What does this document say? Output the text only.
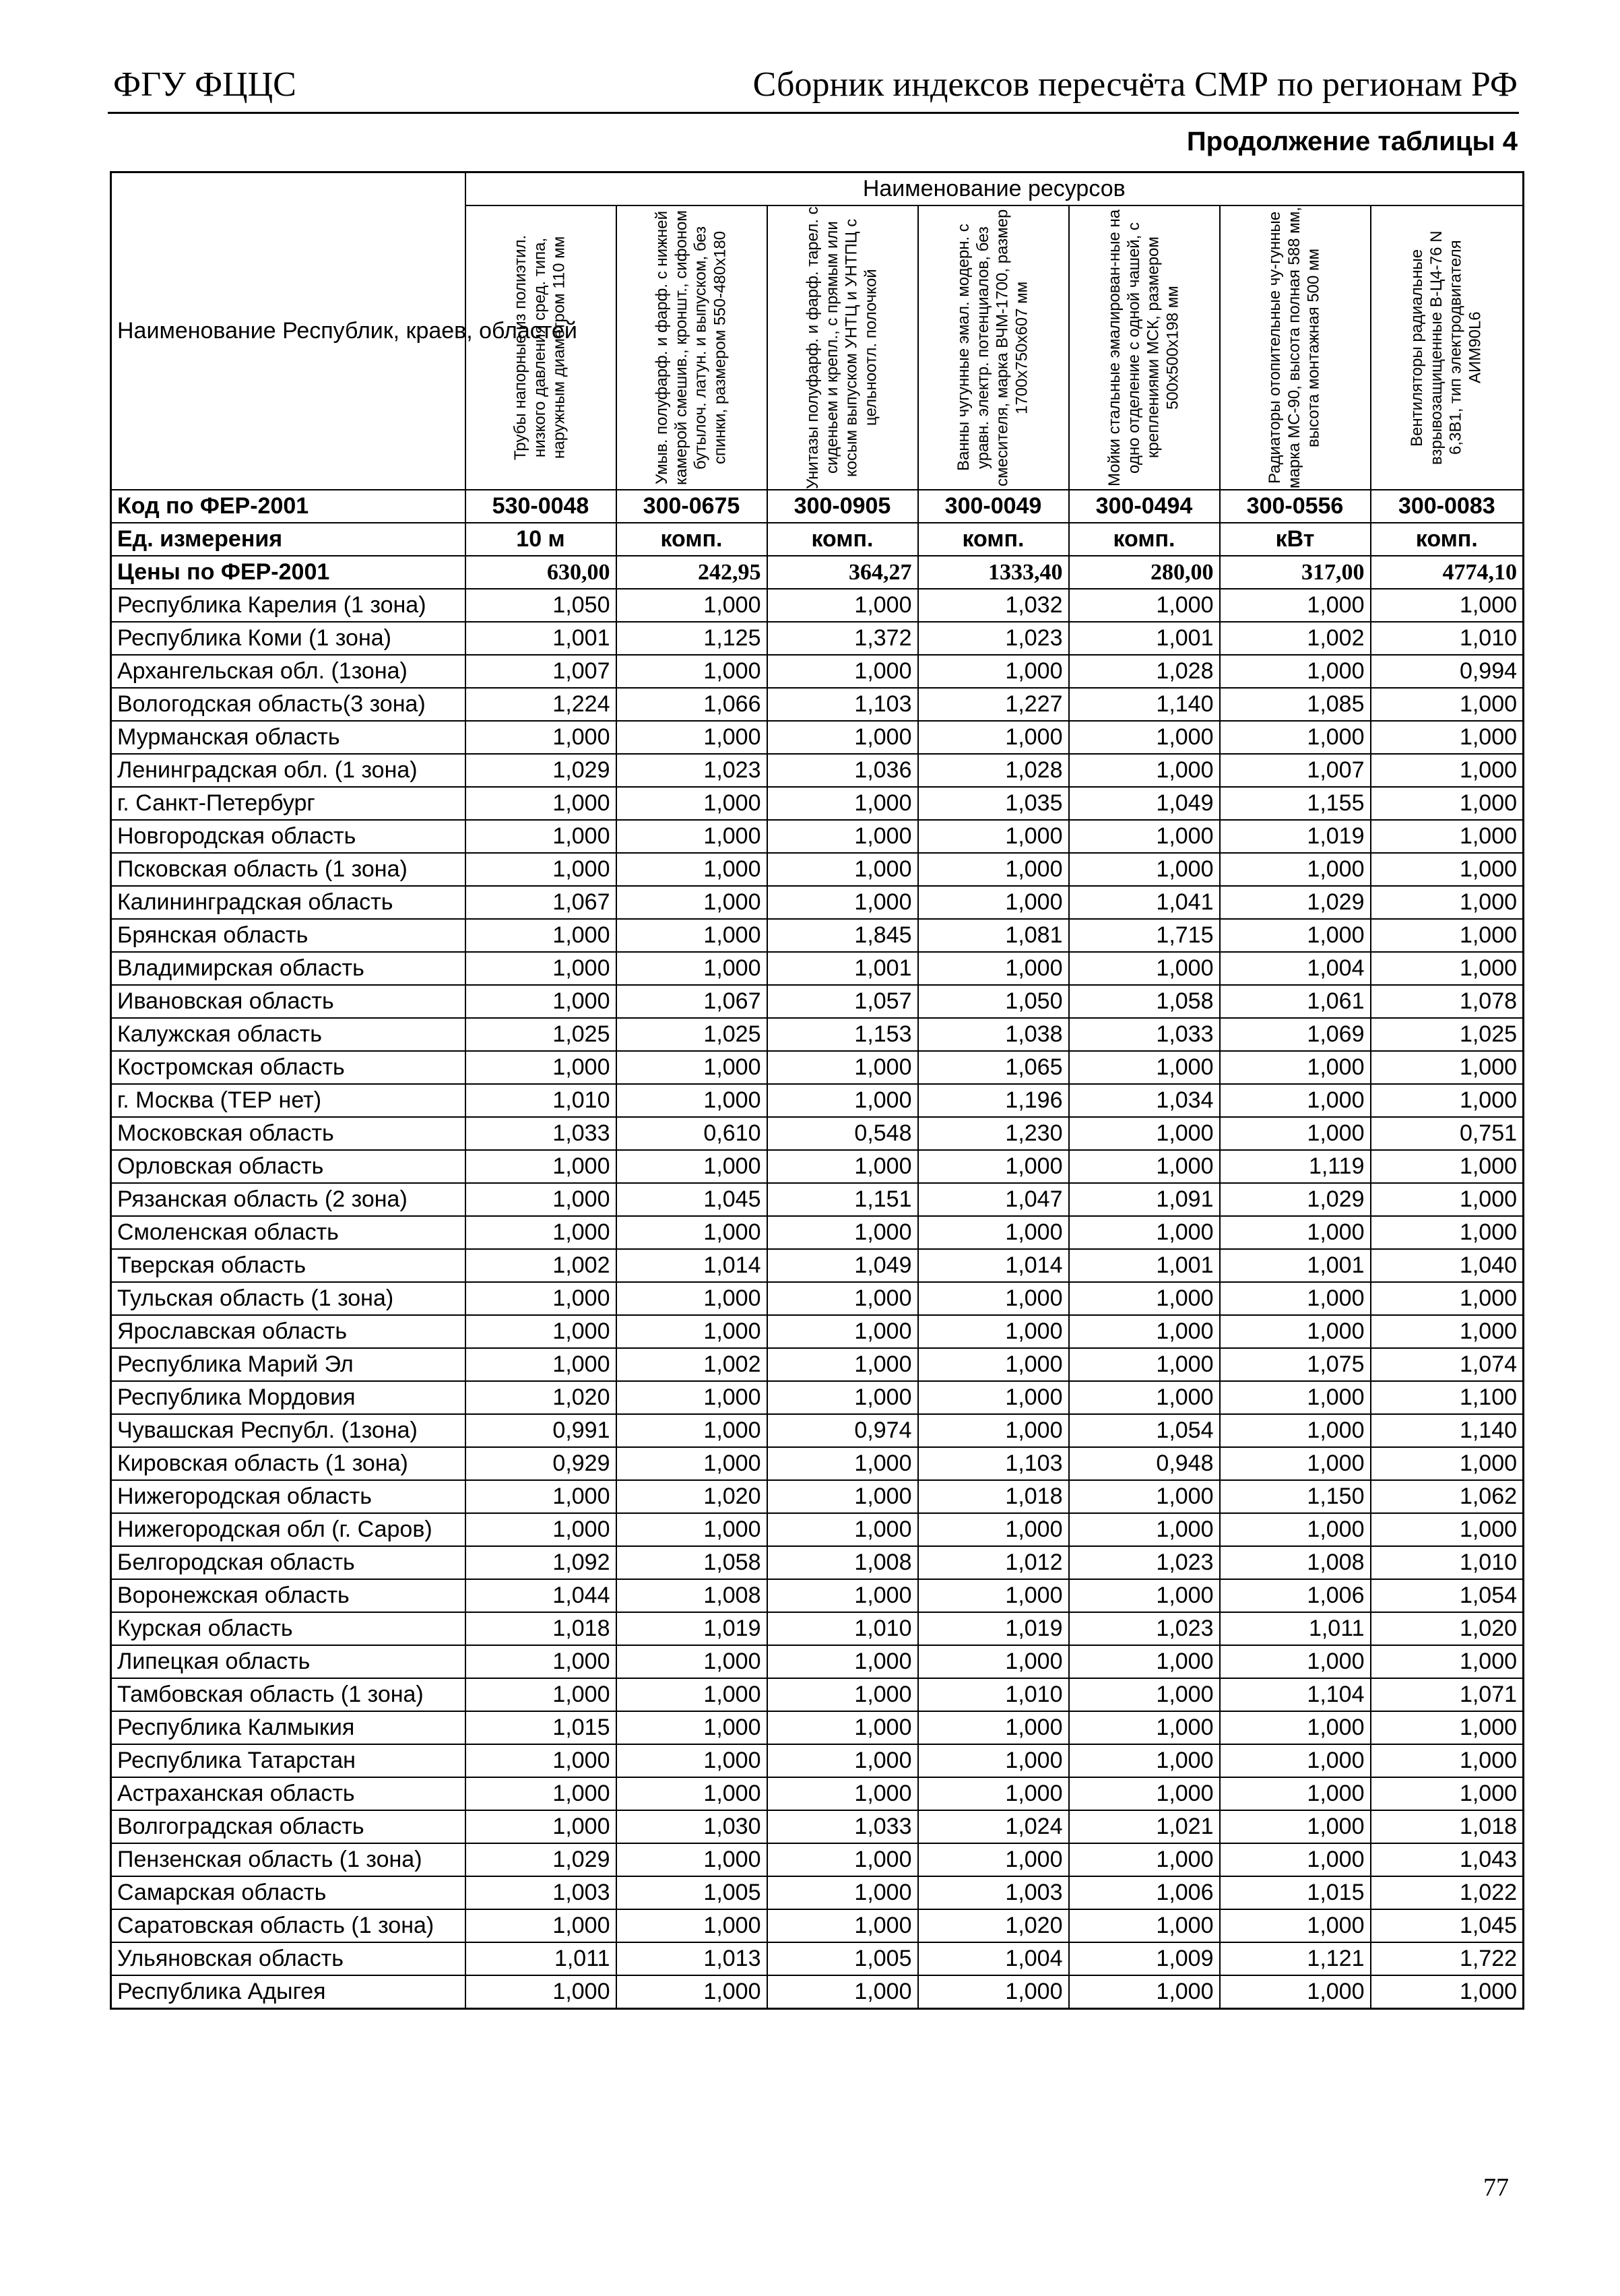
ФГУ ФЦЦС	Сборник индексов пересчёта СМР по регионам РФ
Продолжение таблицы 4
Наименование Республик, краев, областей	Наименование ресурсов						

	Трубы напорные из полиэтил. низкого давления сред. типа, наружным диаметром 110 мм	Умыв. полуфарф. и фарф. с нижней камерой смешив., кроншт., сифоном бутылоч. латун. и выпуском, без спинки, размером 550-480x180	Унитазы полуфарф. и фарф. тарел. с сиденьем и крепл., с прямым или косым выпуском УНТЦ и УНТПЦ с цельноотл. полочкой	Ванны чугунные эмал. модерн. с уравн. электр. потенциалов, без смесителя, марка ВЧМ-1700, размер 1700x750x607 мм	Мойки стальные эмалирован-ные на одно отделение с одной чашей, с креплениями МСК, размером 500x500x198 мм	Радиаторы отопительные чу-гунные марка МС-90, высота полная 588 мм, высота монтажная 500 мм	Вентиляторы радиальные взрывозащищенные В-Ц4-76 N 6,3В1, тип электродвигателя АИМ90L6

Код по ФЕР-2001	530-0048	300-0675	300-0905	300-0049	300-0494	300-0556	300-0083
Ед. измерения	10 м	комп.	комп.	комп.	комп.	кВт	комп.
Цены по ФЕР-2001	630,00	242,95	364,27	1333,40	280,00	317,00	4774,10
Республика Карелия (1 зона)	1,050	1,000	1,000	1,032	1,000	1,000	1,000
Республика Коми (1 зона)	1,001	1,125	1,372	1,023	1,001	1,002	1,010
Архангельская обл. (1зона)	1,007	1,000	1,000	1,000	1,028	1,000	0,994
Вологодская область(3 зона)	1,224	1,066	1,103	1,227	1,140	1,085	1,000
Мурманская область	1,000	1,000	1,000	1,000	1,000	1,000	1,000
Ленинградская обл. (1 зона)	1,029	1,023	1,036	1,028	1,000	1,007	1,000
г. Санкт-Петербург	1,000	1,000	1,000	1,035	1,049	1,155	1,000
Новгородская область	1,000	1,000	1,000	1,000	1,000	1,019	1,000
Псковская область (1 зона)	1,000	1,000	1,000	1,000	1,000	1,000	1,000
Калининградская область	1,067	1,000	1,000	1,000	1,041	1,029	1,000
Брянская область	1,000	1,000	1,845	1,081	1,715	1,000	1,000
Владимирская область	1,000	1,000	1,001	1,000	1,000	1,004	1,000
Ивановская область	1,000	1,067	1,057	1,050	1,058	1,061	1,078
Калужская область	1,025	1,025	1,153	1,038	1,033	1,069	1,025
Костромская область	1,000	1,000	1,000	1,065	1,000	1,000	1,000
г. Москва (ТЕР нет)	1,010	1,000	1,000	1,196	1,034	1,000	1,000
Московская область	1,033	0,610	0,548	1,230	1,000	1,000	0,751
Орловская область	1,000	1,000	1,000	1,000	1,000	1,119	1,000
Рязанская область (2 зона)	1,000	1,045	1,151	1,047	1,091	1,029	1,000
Смоленская область	1,000	1,000	1,000	1,000	1,000	1,000	1,000
Тверская область	1,002	1,014	1,049	1,014	1,001	1,001	1,040
Тульская область (1 зона)	1,000	1,000	1,000	1,000	1,000	1,000	1,000
Ярославская область	1,000	1,000	1,000	1,000	1,000	1,000	1,000
Республика Марий Эл	1,000	1,002	1,000	1,000	1,000	1,075	1,074
Республика Мордовия	1,020	1,000	1,000	1,000	1,000	1,000	1,100
Чувашская Республ. (1зона)	0,991	1,000	0,974	1,000	1,054	1,000	1,140
Кировская область (1 зона)	0,929	1,000	1,000	1,103	0,948	1,000	1,000
Нижегородская область	1,000	1,020	1,000	1,018	1,000	1,150	1,062
Нижегородская обл (г. Саров)	1,000	1,000	1,000	1,000	1,000	1,000	1,000
Белгородская область	1,092	1,058	1,008	1,012	1,023	1,008	1,010
Воронежская область	1,044	1,008	1,000	1,000	1,000	1,006	1,054
Курская область	1,018	1,019	1,010	1,019	1,023	1,011	1,020
Липецкая область	1,000	1,000	1,000	1,000	1,000	1,000	1,000
Тамбовская область (1 зона)	1,000	1,000	1,000	1,010	1,000	1,104	1,071
Республика Калмыкия	1,015	1,000	1,000	1,000	1,000	1,000	1,000
Республика Татарстан	1,000	1,000	1,000	1,000	1,000	1,000	1,000
Астраханская область	1,000	1,000	1,000	1,000	1,000	1,000	1,000
Волгоградская область	1,000	1,030	1,033	1,024	1,021	1,000	1,018
Пензенская область (1 зона)	1,029	1,000	1,000	1,000	1,000	1,000	1,043
Самарская область	1,003	1,005	1,000	1,003	1,006	1,015	1,022
Саратовская область (1 зона)	1,000	1,000	1,000	1,020	1,000	1,000	1,045
Ульяновская область	1,011	1,013	1,005	1,004	1,009	1,121	1,722
Республика Адыгея	1,000	1,000	1,000	1,000	1,000	1,000	1,000
77
